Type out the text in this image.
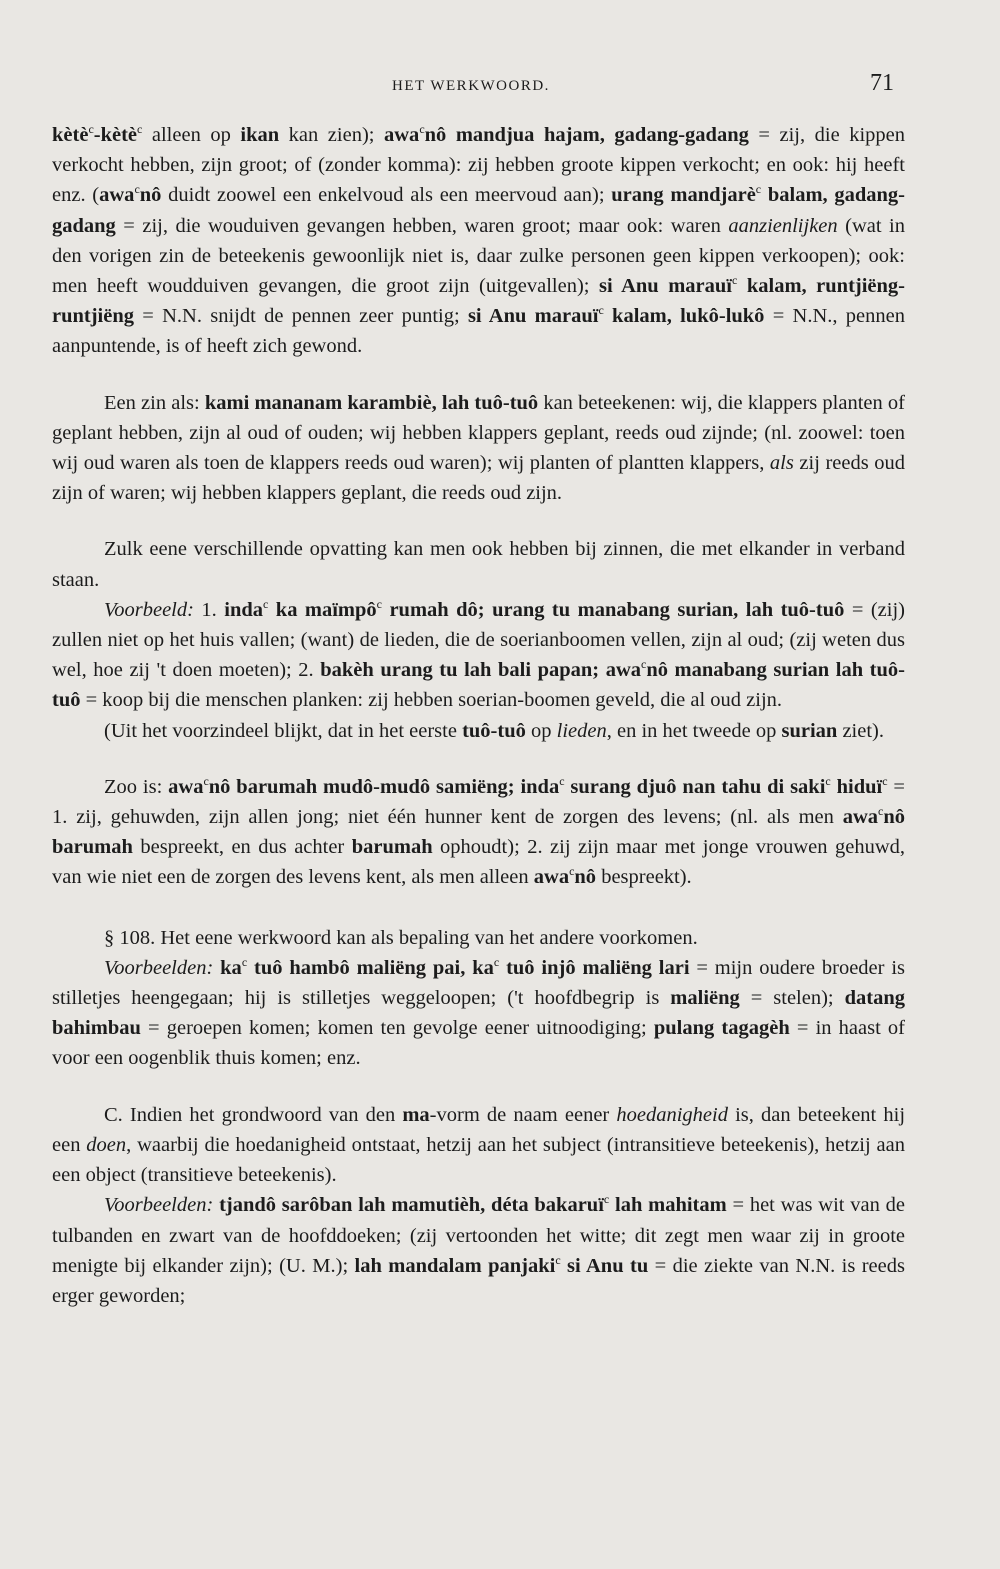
HET WERKWOORD.	71

kètè$^c$-kètè$^c$ alleen op ikan kan zien); awa$^c$nô mandjua hajam, gadang-gadang = zij, die kippen verkocht hebben, zijn groot; of (zonder komma): zij hebben groote kippen verkocht; en ook: hij heeft enz. (awa$^c$nô duidt zoowel een enkelvoud als een meervoud aan); urang mandjarè$^c$ balam, gadang-gadang = zij, die wouduiven gevangen hebben, waren groot; maar ook: waren aanzienlijken (wat in den vorigen zin de beteekenis gewoonlijk niet is, daar zulke personen geen kippen verkoopen); ook: men heeft woudduiven gevangen, die groot zijn (uitgevallen); si Anu marauï$^c$ kalam, runtjiëng-runtjiëng = N.N. snijdt de pennen zeer puntig; si Anu marauï$^c$ kalam, lukô-lukô = N.N., pennen aanpuntende, is of heeft zich gewond.

Een zin als: kami mananam karambiè, lah tuô-tuô kan beteekenen: wij, die klappers planten of geplant hebben, zijn al oud of ouden; wij hebben klappers geplant, reeds oud zijnde; (nl. zoowel: toen wij oud waren als toen de klappers reeds oud waren); wij planten of plantten klappers, als zij reeds oud zijn of waren; wij hebben klappers geplant, die reeds oud zijn.

Zulk eene verschillende opvatting kan men ook hebben bij zinnen, die met elkander in verband staan.

Voorbeeld: 1. inda$^c$ ka maïmpô$^c$ rumah dô; urang tu manabang surian, lah tuô-tuô = (zij) zullen niet op het huis vallen; (want) de lieden, die de soerianboomen vellen, zijn al oud; (zij weten dus wel, hoe zij 't doen moeten); 2. bakèh urang tu lah bali papan; awa$^c$nô manabang surian lah tuô-tuô = koop bij die menschen planken: zij hebben soerian-boomen geveld, die al oud zijn.

(Uit het voorzindeel blijkt, dat in het eerste tuô-tuô op lieden, en in het tweede op surian ziet).

Zoo is: awa$^c$nô barumah mudô-mudô samiëng; inda$^c$ surang djuô nan tahu di saki$^c$ hiduï$^c$ = 1. zij, gehuwden, zijn allen jong; niet één hunner kent de zorgen des levens; (nl. als men awa$^c$nô barumah bespreekt, en dus achter barumah ophoudt); 2. zij zijn maar met jonge vrouwen gehuwd, van wie niet een de zorgen des levens kent, als men alleen awa$^c$nô bespreekt).

§ 108. Het eene werkwoord kan als bepaling van het andere voorkomen.

Voorbeelden: $ka^c$ tuô hambô maliëng pai, $ka^c$ tuô injô maliëng lari = mijn oudere broeder is stilletjes heengegaan; hij is stilletjes weggeloopen; ('t hoofdbegrip is maliëng = stelen); datang bahimbau = geroepen komen; komen ten gevolge eener uitnoodiging; pulang tagagèh = in haast of voor een oogenblik thuis komen; enz.

C. Indien het grondwoord van den ma-vorm de naam eener hoedanigheid is, dan beteekent hij een doen, waarbij die hoedanigheid ontstaat, hetzij aan het subject (intransitieve beteekenis), hetzij aan een object (transitieve beteekenis).

Voorbeelden: tjandô sarôban lah mamutièh, déta bakaruï$^c$ lah mahitam = het was wit van de tulbanden en zwart van de hoofddoeken; (zij vertoonden het witte; dit zegt men waar zij in groote menigte bij elkander zijn); (U. M.); lah mandalam panjaki$^c$ si Anu tu = die ziekte van N.N. is reeds erger geworden;
